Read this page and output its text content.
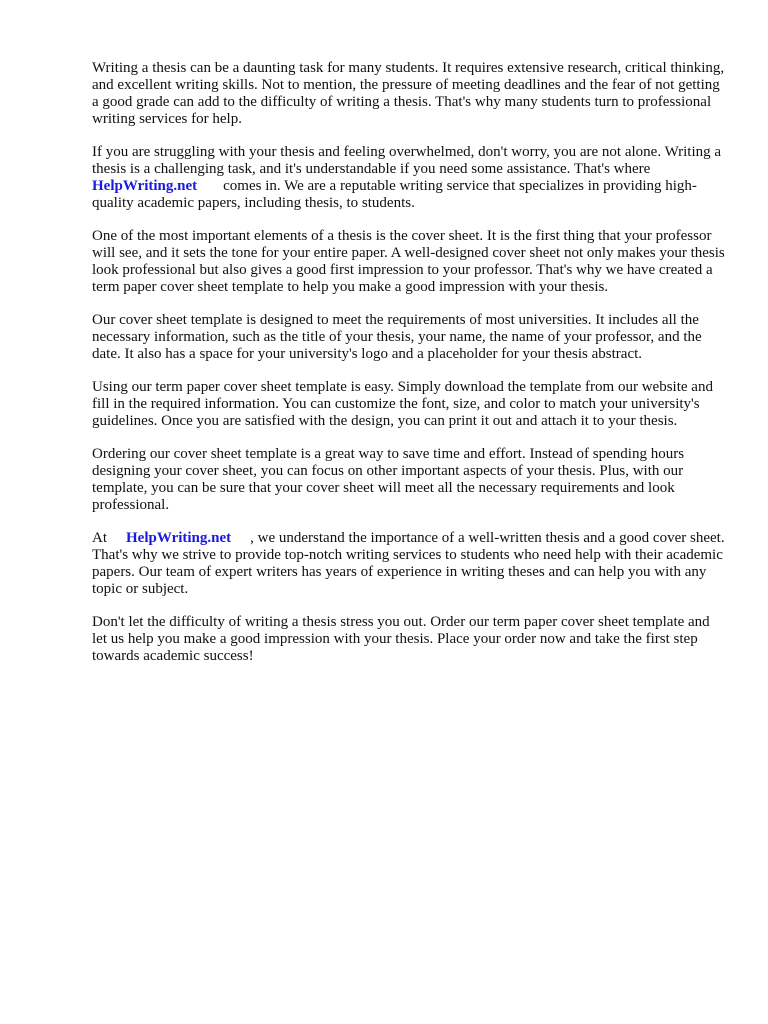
Writing a thesis can be a daunting task for many students. It requires extensive research, critical thinking, and excellent writing skills. Not to mention, the pressure of meeting deadlines and the fear of not getting a good grade can add to the difficulty of writing a thesis. That's why many students turn to professional writing services for help.

If you are struggling with your thesis and feeling overwhelmed, don't worry, you are not alone. Writing a thesis is a challenging task, and it's understandable if you need some assistance. That's whereHelpWriting.net comes in. We are a reputable writing service that specializes in providing high-quality academic papers, including thesis, to students.

One of the most important elements of a thesis is the cover sheet. It is the first thing that your professor will see, and it sets the tone for your entire paper. A well-designed cover sheet not only makes your thesis look professional but also gives a good first impression to your professor. That's why we have created a term paper cover sheet template to help you make a good impression with your thesis.

Our cover sheet template is designed to meet the requirements of most universities. It includes all the necessary information, such as the title of your thesis, your name, the name of your professor, and the date. It also has a space for your university's logo and a placeholder for your thesis abstract.

Using our term paper cover sheet template is easy. Simply download the template from our website and fill in the required information. You can customize the font, size, and color to match your university's guidelines. Once you are satisfied with the design, you can print it out and attach it to your thesis.

Ordering our cover sheet template is a great way to save time and effort. Instead of spending hours designing your cover sheet, you can focus on other important aspects of your thesis. Plus, with our template, you can be sure that your cover sheet will meet all the necessary requirements and look professional.

At HelpWriting.net , we understand the importance of a well-written thesis and a good cover sheet. That's why we strive to provide top-notch writing services to students who need help with their academic papers. Our team of expert writers has years of experience in writing theses and can help you with any topic or subject.

Don't let the difficulty of writing a thesis stress you out. Order our term paper cover sheet template and let us help you make a good impression with your thesis. Place your order now and take the first step towards academic success!
